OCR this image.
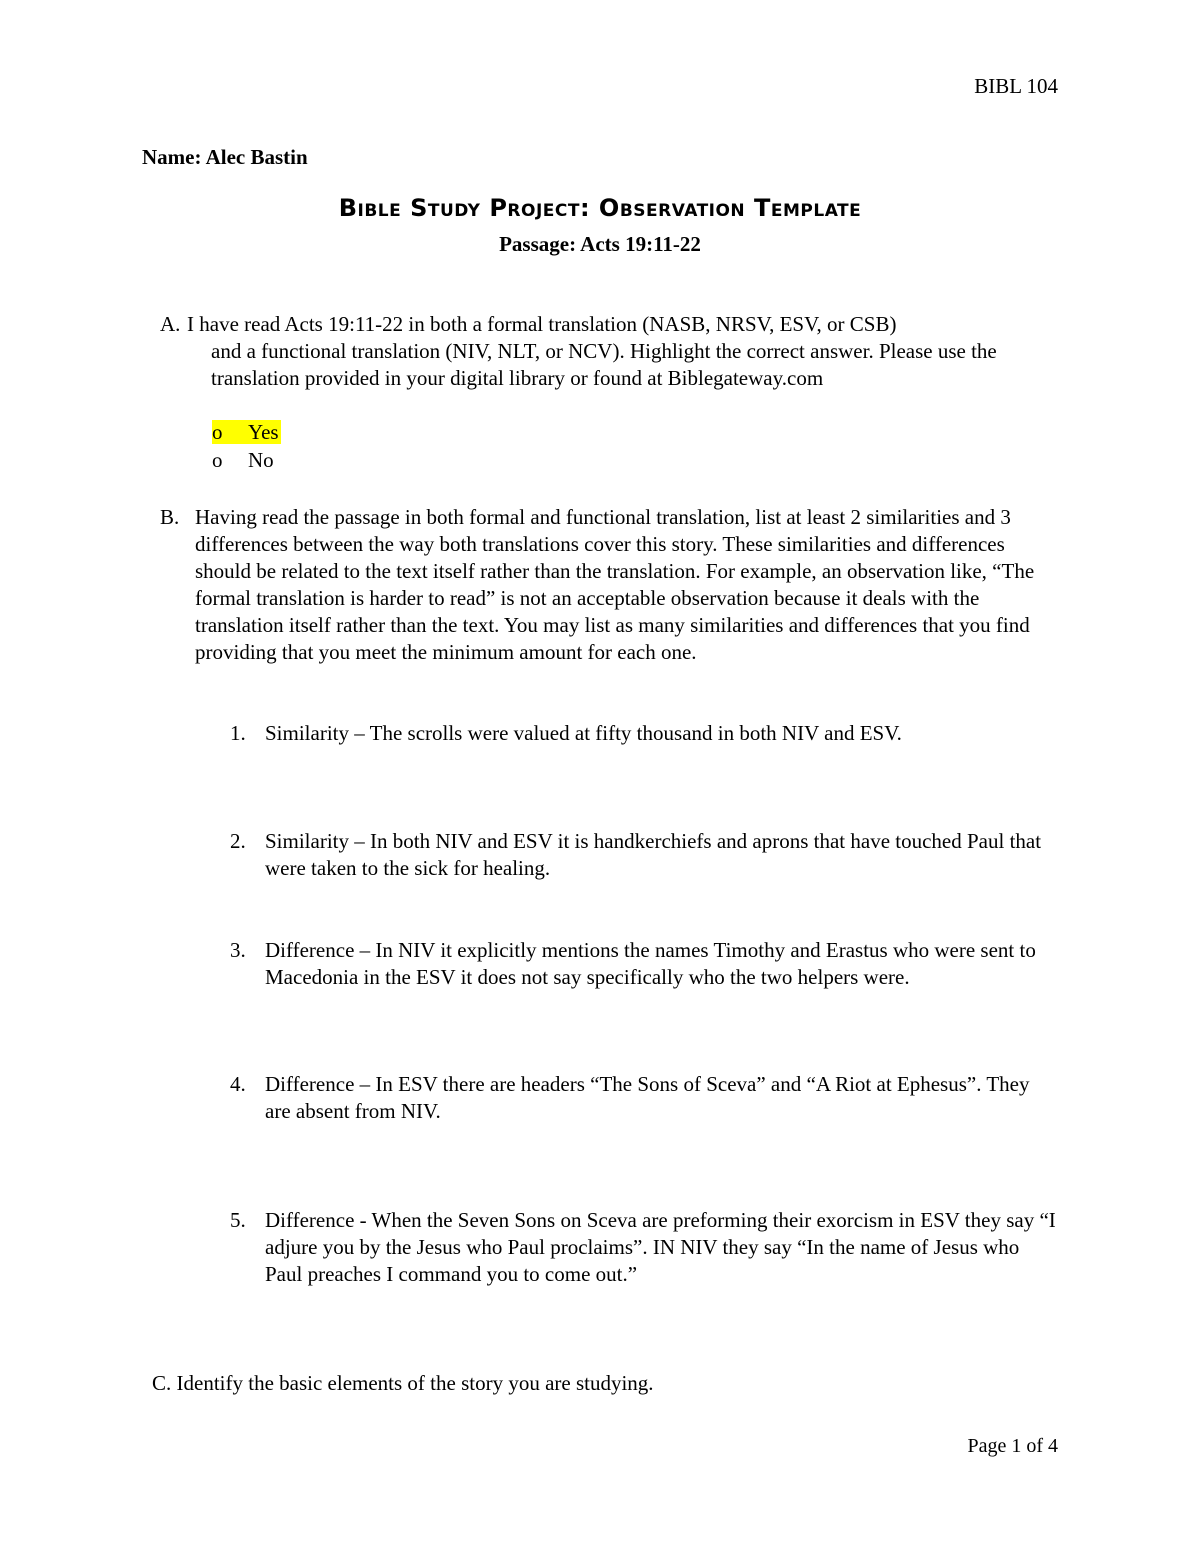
BIBL 104
Name: Alec Bastin
Bible Study Project: Observation Template
Passage: Acts 19:11-22
A. I have read Acts 19:11-22 in both a formal translation (NASB, NRSV, ESV, or CSB)
and a functional translation (NIV, NLT, or NCV). Highlight the correct answer. Please use the translation provided in your digital library or found at Biblegateway.com
o Yes
o No
B. Having read the passage in both formal and functional translation, list at least 2 similarities and 3 differences between the way both translations cover this story. These similarities and differences should be related to the text itself rather than the translation. For example, an observation like, “The formal translation is harder to read” is not an acceptable observation because it deals with the translation itself rather than the text. You may list as many similarities and differences that you find providing that you meet the minimum amount for each one.
1. Similarity – The scrolls were valued at fifty thousand in both NIV and ESV.
2. Similarity – In both NIV and ESV it is handkerchiefs and aprons that have touched Paul that were taken to the sick for healing.
3. Difference – In NIV it explicitly mentions the names Timothy and Erastus who were sent to Macedonia in the ESV it does not say specifically who the two helpers were.
4. Difference – In ESV there are headers “The Sons of Sceva” and “A Riot at Ephesus”. They are absent from NIV.
5. Difference - When the Seven Sons on Sceva are preforming their exorcism in ESV they say “I adjure you by the Jesus who Paul proclaims”. IN NIV they say “In the name of Jesus who Paul preaches I command you to come out.”
C. Identify the basic elements of the story you are studying.
Page 1 of 4
